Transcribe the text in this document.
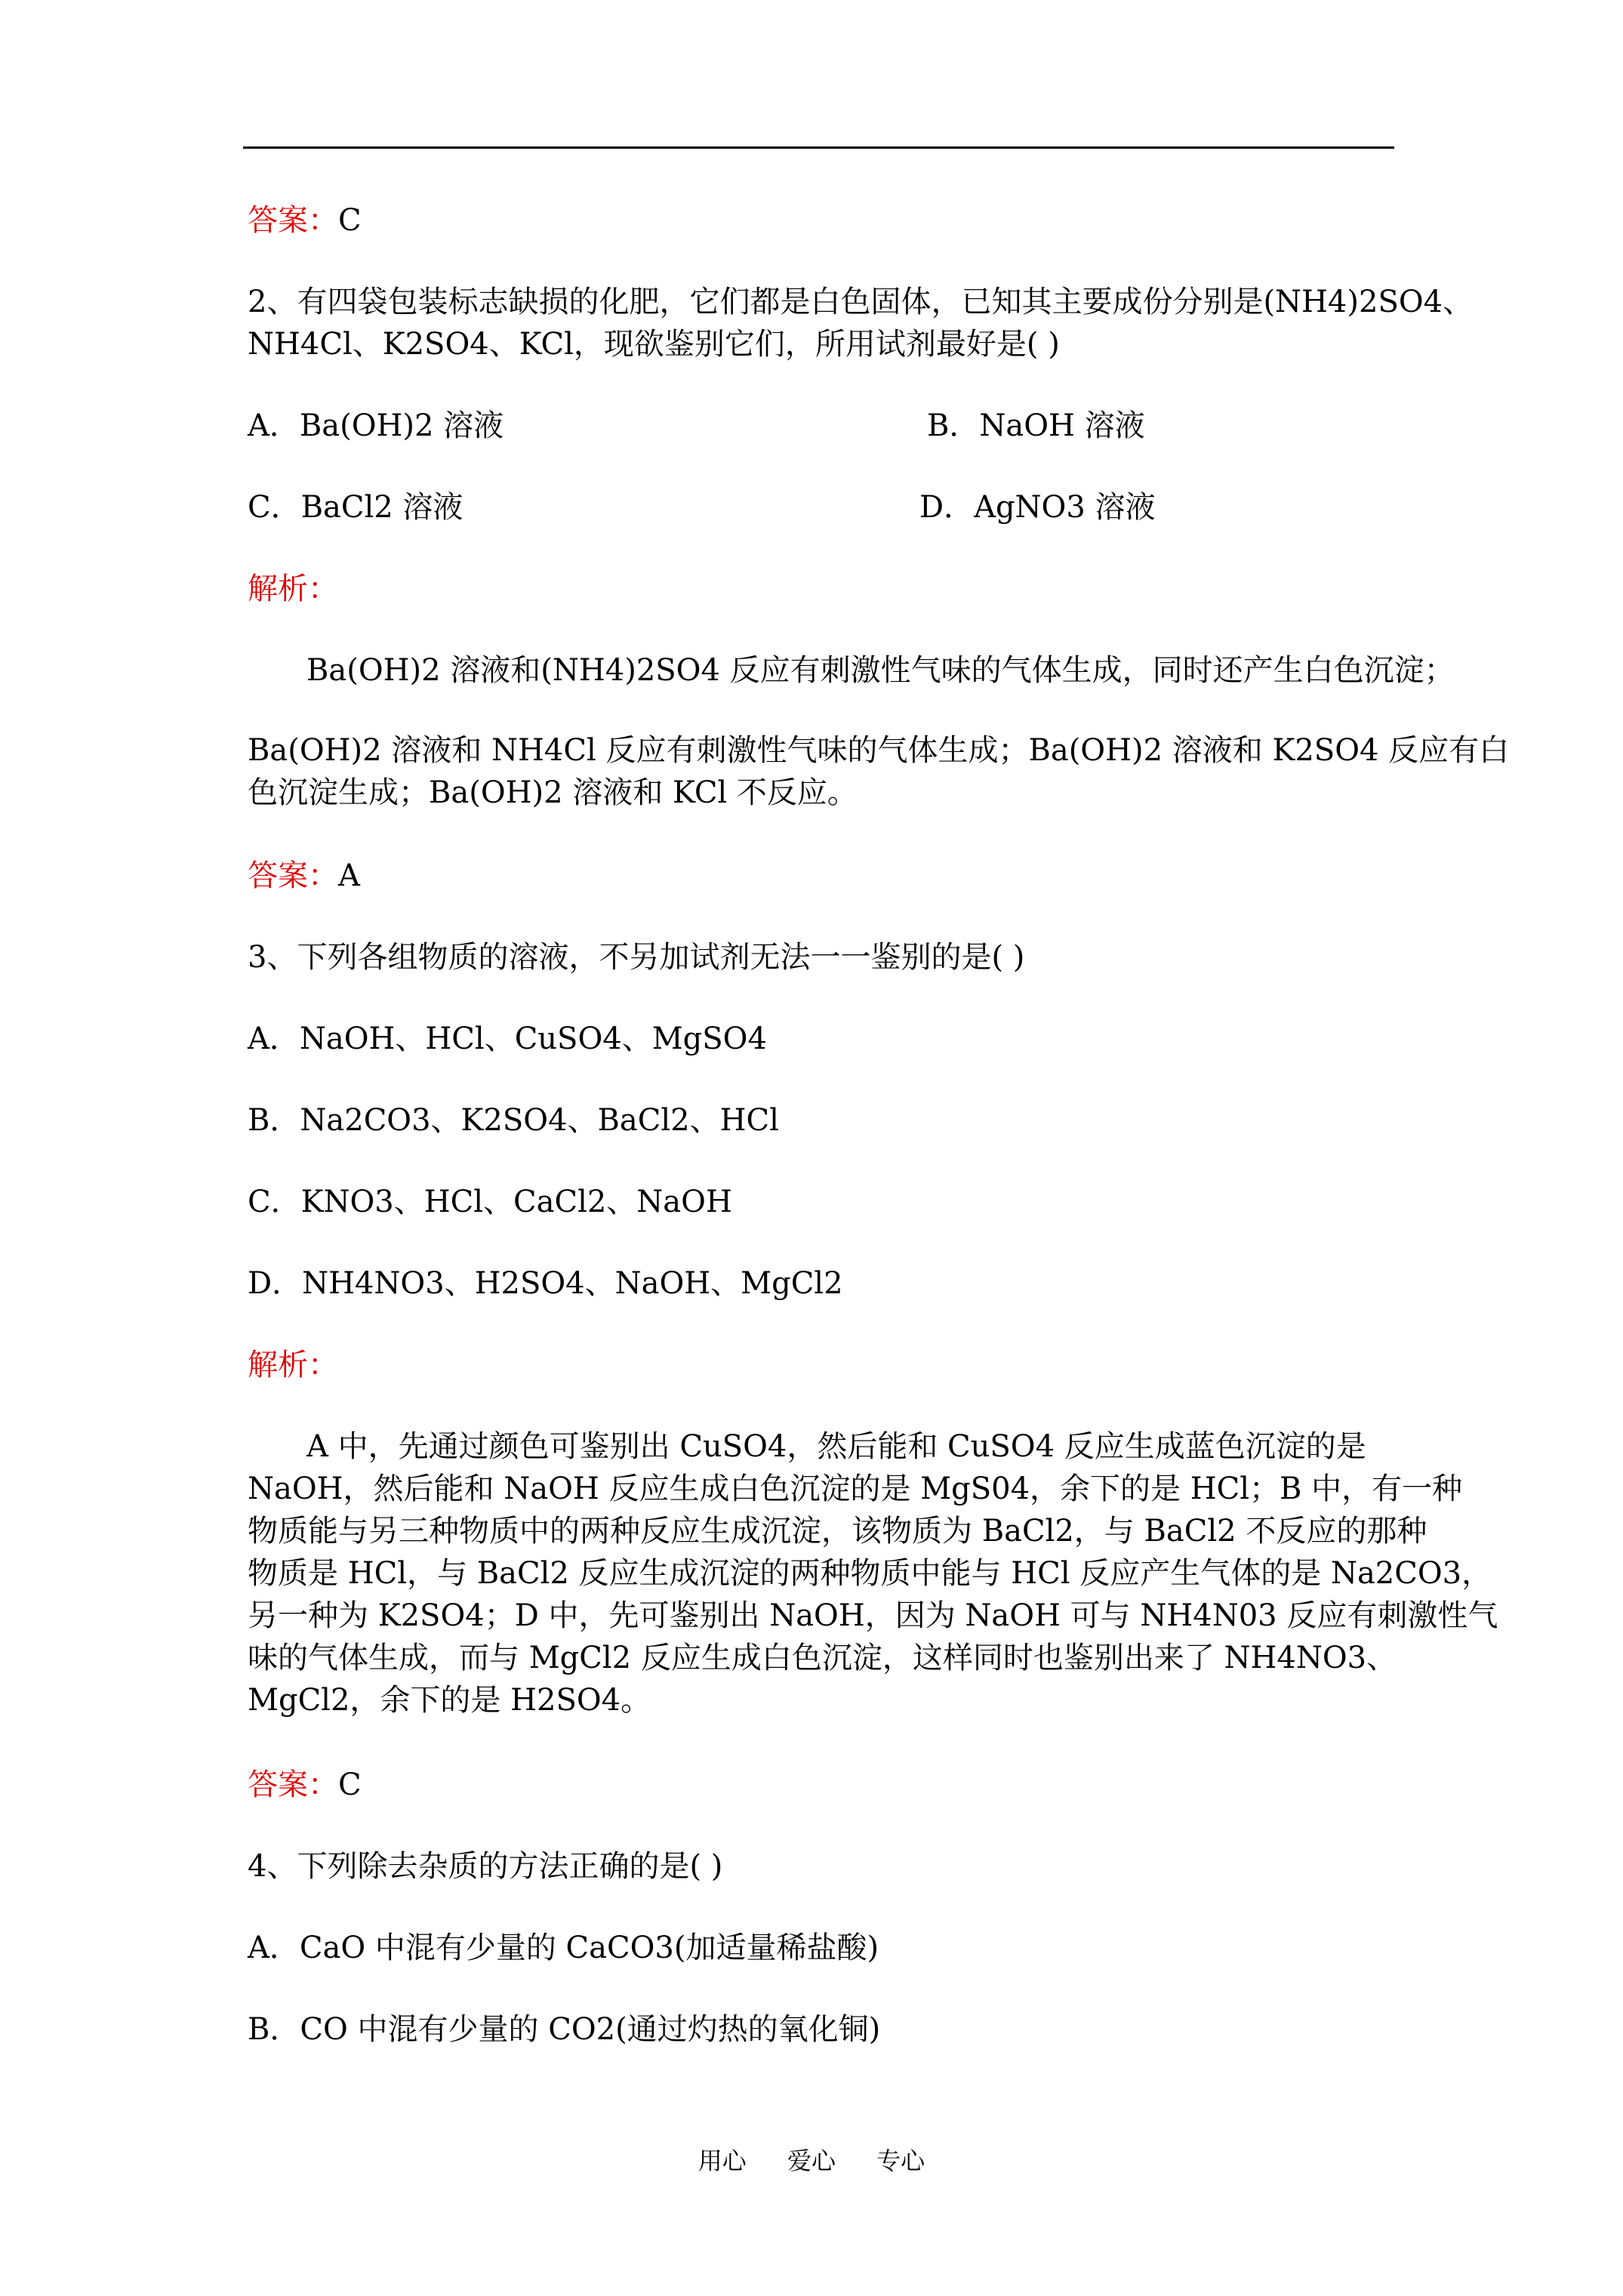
答案：C
2、有四袋包装标志缺损的化肥，它们都是白色固体，已知其主要成份分别是(NH4)2SO4、
NH4Cl、K2SO4、KCl，现欲鉴别它们，所用试剂最好是( )
A．Ba(OH)2 溶液	B．NaOH 溶液
C．BaCl2 溶液	D．AgNO3 溶液
解析：
Ba(OH)2 溶液和(NH4)2SO4 反应有刺激性气味的气体生成，同时还产生白色沉淀；
Ba(OH)2 溶液和 NH4Cl 反应有刺激性气味的气体生成；Ba(OH)2 溶液和 K2SO4 反应有白
色沉淀生成；Ba(OH)2 溶液和 KCl 不反应。
答案：A
3、下列各组物质的溶液，不另加试剂无法一一鉴别的是( )
A．NaOH、HCl、CuSO4、MgSO4
B．Na2CO3、K2SO4、BaCl2、HCl
C．KNO3、HCl、CaCl2、NaOH
D．NH4NO3、H2SO4、NaOH、MgCl2
解析：
A 中，先通过颜色可鉴别出 CuSO4，然后能和 CuSO4 反应生成蓝色沉淀的是
NaOH，然后能和 NaOH 反应生成白色沉淀的是 MgS04，余下的是 HCl；B 中，有一种
物质能与另三种物质中的两种反应生成沉淀，该物质为 BaCl2，与 BaCl2 不反应的那种
物质是 HCl，与 BaCl2 反应生成沉淀的两种物质中能与 HCl 反应产生气体的是 Na2CO3，
另一种为 K2SO4；D 中，先可鉴别出 NaOH，因为 NaOH 可与 NH4N03 反应有刺激性气
味的气体生成，而与 MgCl2 反应生成白色沉淀，这样同时也鉴别出来了 NH4NO3、
MgCl2，余下的是 H2SO4。
答案：C
4、下列除去杂质的方法正确的是( )
A．CaO 中混有少量的 CaCO3(加适量稀盐酸)
B．CO 中混有少量的 CO2(通过灼热的氧化铜)
用心 爱心 专心
